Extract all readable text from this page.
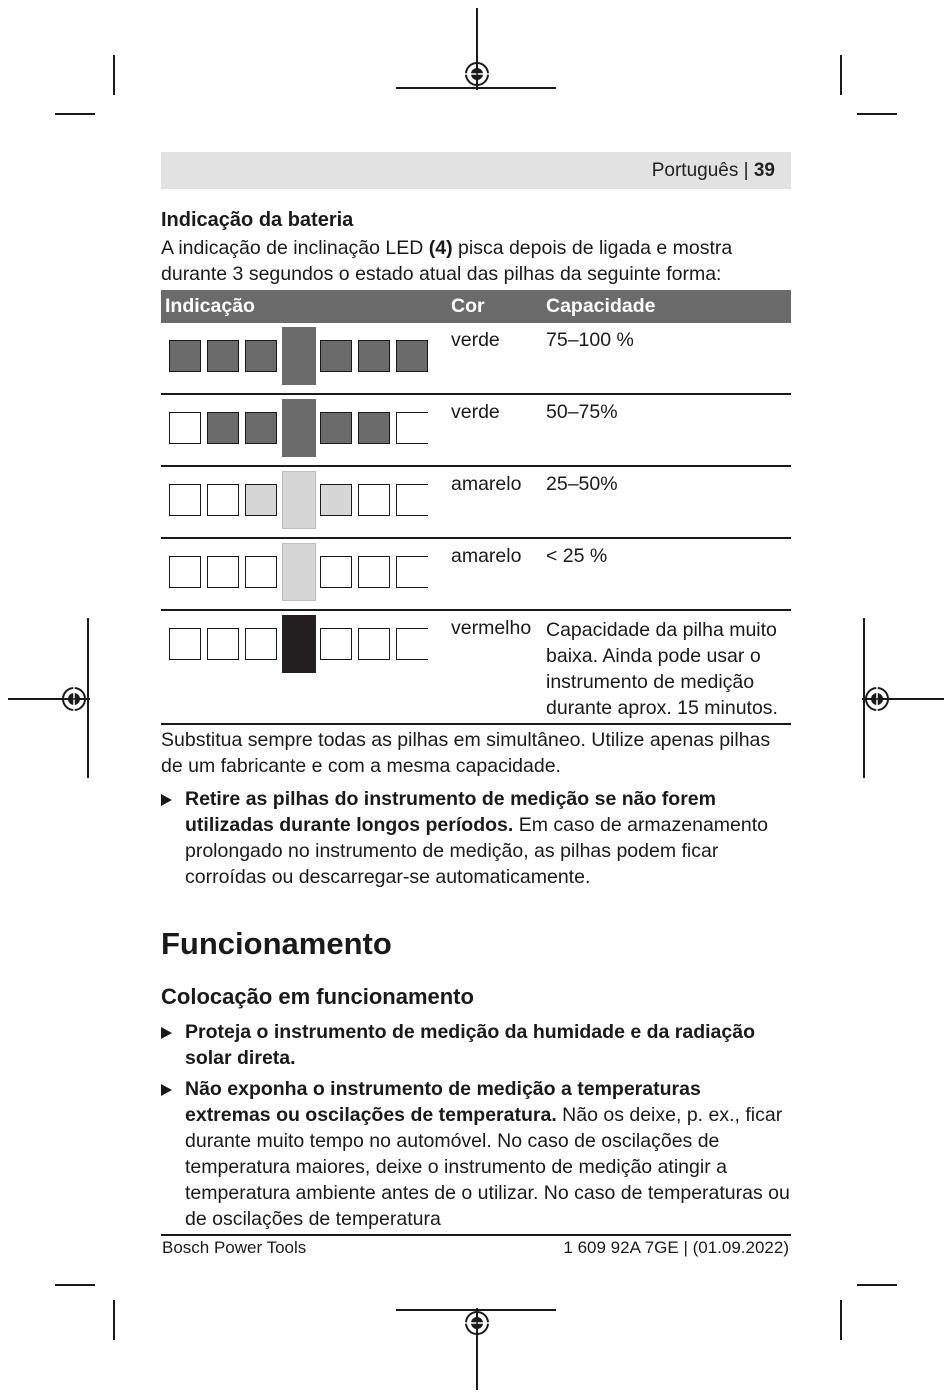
Português | 39
Indicação da bateria

A indicação de inclinação LED (4) pisca depois de ligada e mostra durante 3 segundos o estado atual das pilhas da seguinte forma:

Indicação	Cor	Capacidade

	verde	75–100 %

	verde	50–75%

	amarelo	25–50%

	amarelo	< 25 %

	vermelho	Capacidade da pilha muito baixa. Ainda pode usar o instrumento de medição durante aprox. 15 minutos.

Substitua sempre todas as pilhas em simultâneo. Utilize apenas pilhas de um fabricante e com a mesma capacidade.

Retire as pilhas do instrumento de medição se não forem utilizadas durante longos períodos. Em caso de armazenamento prolongado no instrumento de medição, as pilhas podem ficar corroídas ou descarregar-se automaticamente.
Funcionamento
Colocação em funcionamento
Proteja o instrumento de medição da humidade e da radiação solar direta.
Não exponha o instrumento de medição a temperaturas extremas ou oscilações de temperatura. Não os deixe, p. ex., ficar durante muito tempo no automóvel. No caso de oscilações de temperatura maiores, deixe o instrumento de medição atingir a temperatura ambiente antes de o utilizar. No caso de temperaturas ou de oscilações de temperatura
Bosch Power Tools	1 609 92A 7GE | (01.09.2022)
